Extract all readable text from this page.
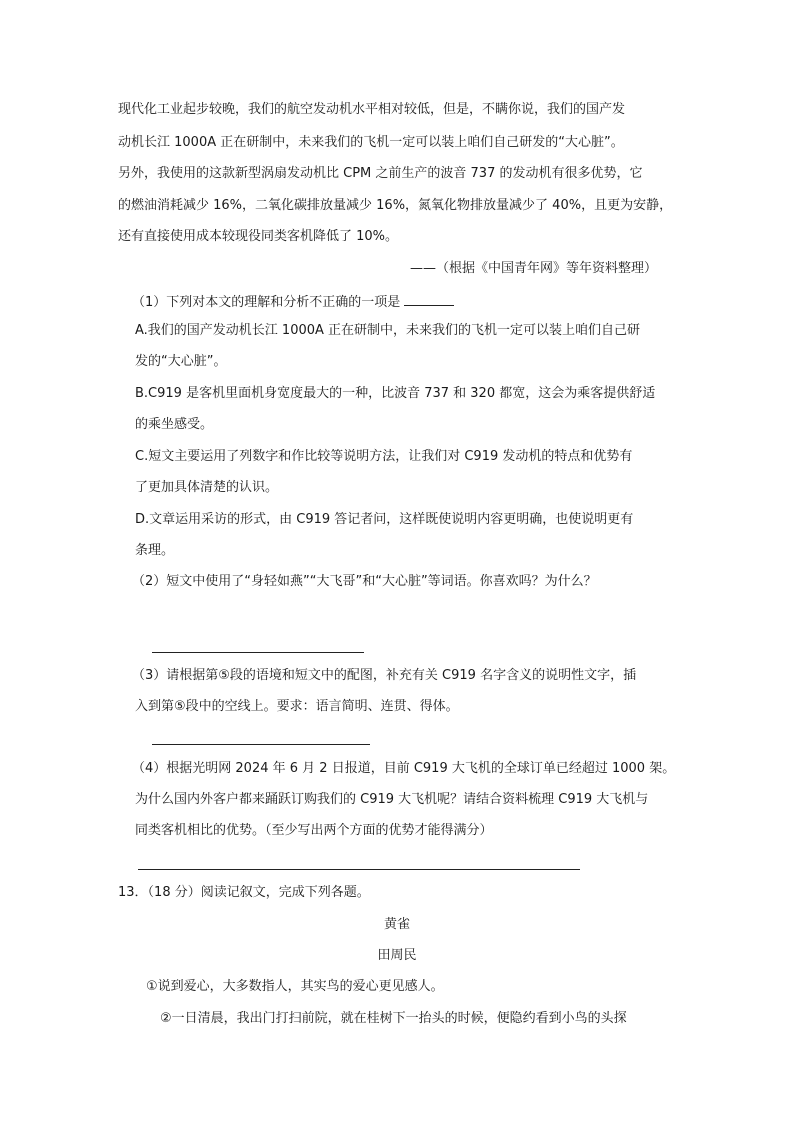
现代化工业起步较晚，我们的航空发动机水平相对较低，但是，不瞒你说，我们的国产发
动机长江 1000A 正在研制中，未来我们的飞机一定可以装上咱们自己研发的“大心脏”。
另外，我使用的这款新型涡扇发动机比 CPM 之前生产的波音 737 的发动机有很多优势，它
的燃油消耗减少 16%，二氧化碳排放量减少 16%，氮氧化物排放量减少了 40%，且更为安静，
还有直接使用成本较现役同类客机降低了 10%。
——（根据《中国青年网》等年资料整理）
（1）下列对本文的理解和分析不正确的一项是
A.我们的国产发动机长江 1000A 正在研制中，未来我们的飞机一定可以装上咱们自己研
发的“大心脏”。
B.C919 是客机里面机身宽度最大的一种，比波音 737 和 320 都宽，这会为乘客提供舒适
的乘坐感受。
C.短文主要运用了列数字和作比较等说明方法，让我们对 C919 发动机的特点和优势有
了更加具体清楚的认识。
D.文章运用采访的形式，由 C919 答记者问，这样既使说明内容更明确，也使说明更有
条理。
（2）短文中使用了“身轻如燕”“大飞哥”和“大心脏”等词语。你喜欢吗？为什么？
（3）请根据第⑤段的语境和短文中的配图，补充有关 C919 名字含义的说明性文字，插
入到第⑤段中的空线上。要求：语言简明、连贯、得体。
（4）根据光明网 2024 年 6 月 2 日报道，目前 C919 大飞机的全球订单已经超过 1000 架。
为什么国内外客户都来踊跃订购我们的 C919 大飞机呢？请结合资料梳理 C919 大飞机与
同类客机相比的优势。（至少写出两个方面的优势才能得满分）
13．（18 分）阅读记叙文，完成下列各题。
黄雀
田周民
①说到爱心，大多数指人，其实鸟的爱心更见感人。
②一日清晨，我出门打扫前院，就在桂树下一抬头的时候，便隐约看到小鸟的头探
